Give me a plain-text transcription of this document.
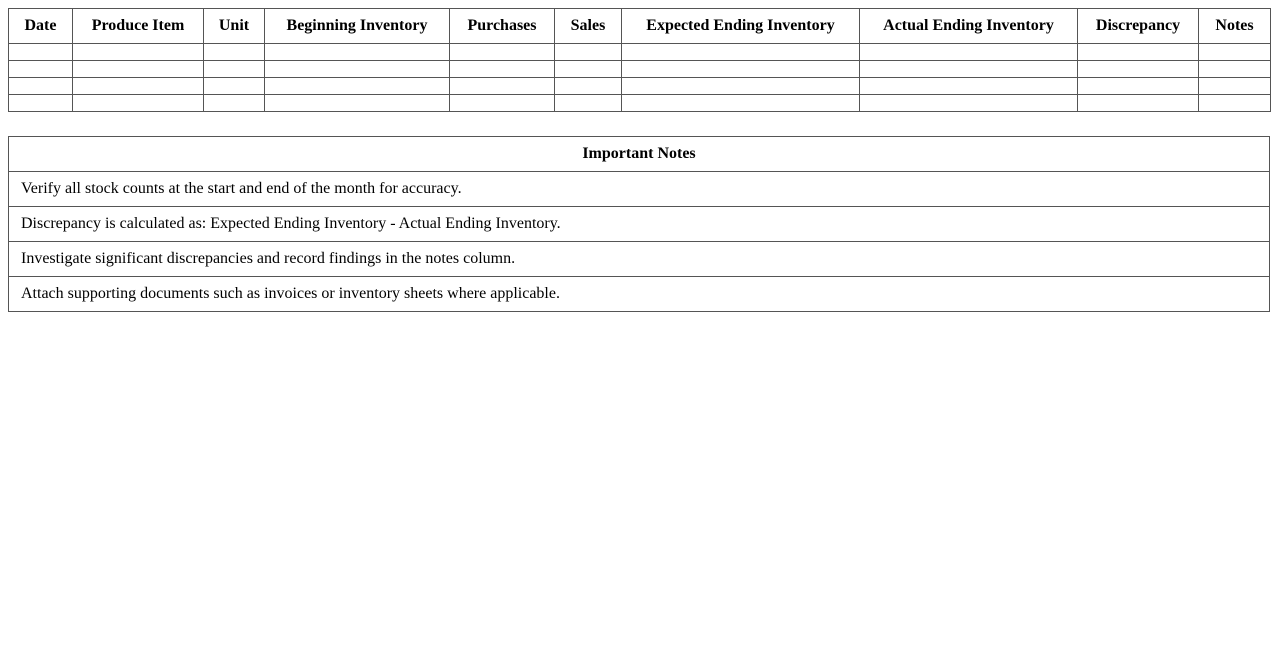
Date	Produce Item	Unit	Beginning Inventory	Purchases	Sales	Expected Ending Inventory	Actual Ending Inventory	Discrepancy	Notes

Important Notes
Verify all stock counts at the start and end of the month for accuracy.
Discrepancy is calculated as: Expected Ending Inventory - Actual Ending Inventory.
Investigate significant discrepancies and record findings in the notes column.
Attach supporting documents such as invoices or inventory sheets where applicable.
